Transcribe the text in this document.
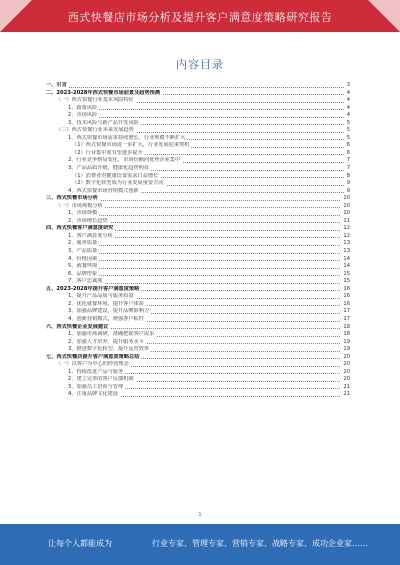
西式快餐店市场分析及提升客户满意度策略研究报告
内容目录
一、引言	3
二、2023-2028年西式快餐市场前景及趋势预测	4
（一）西式快餐行业基本风险特征	4
1、政策风险	4
2、市场风险	4
3、技术风险与新产品开发风险	5
（二）西式快餐行业未来发展趋势	5
1、西式快餐市场需求持续增长，行业规模不断扩大	5
（1）西式快餐市场进一步扩大，行业发展迎来契机	6
（2）行业集中度有望逐步提升	6
2、行业竞争格局变化，市场份额向优势企业集中	7
3、产品品质升级，健康化趋势明显	7
（1）消费者对健康饮食需求日益增长	8
（2）数字化转型成为行业发展重要方向	9
4、西式快餐市场营销模式创新	9
三、西式快餐市场分析	10
（一）市场规模分析	10
1、市场规模	10
2、市场增长趋势	11
四、西式快餐客户满意度研究	12
1、客户满意度分析	12
2、服务质量	13
3、产品质量	13
4、价格因素	14
5、就餐环境	14
6、品牌形象	15
7、客户忠诚度	15
五、2023-2028年提升客户满意度策略	16
1、提升产品品质与服务质量	16
2、优化就餐环境，提升客户体验	16
3、加强品牌建设，提升品牌影响力	17
4、创新营销模式，增强客户粘性	17
六、西式快餐企业发展建议	18
1、加强市场调研，准确把握客户需求	18
2、加强人才培养，提升服务水平	19
3、推进数字化转型，提升运营效率	19
七、西式快餐店提升客户满意度策略总结	20
（一）以客户为中心的经营理念	20
1、持续改进产品与服务	20
2、建立完善的客户反馈机制	20
3、加强员工培训与管理	21
4、注重品牌文化建设	21
1
让每个人都能成为	行业专家、管理专家、营销专家、战略专家、成功企业家……
